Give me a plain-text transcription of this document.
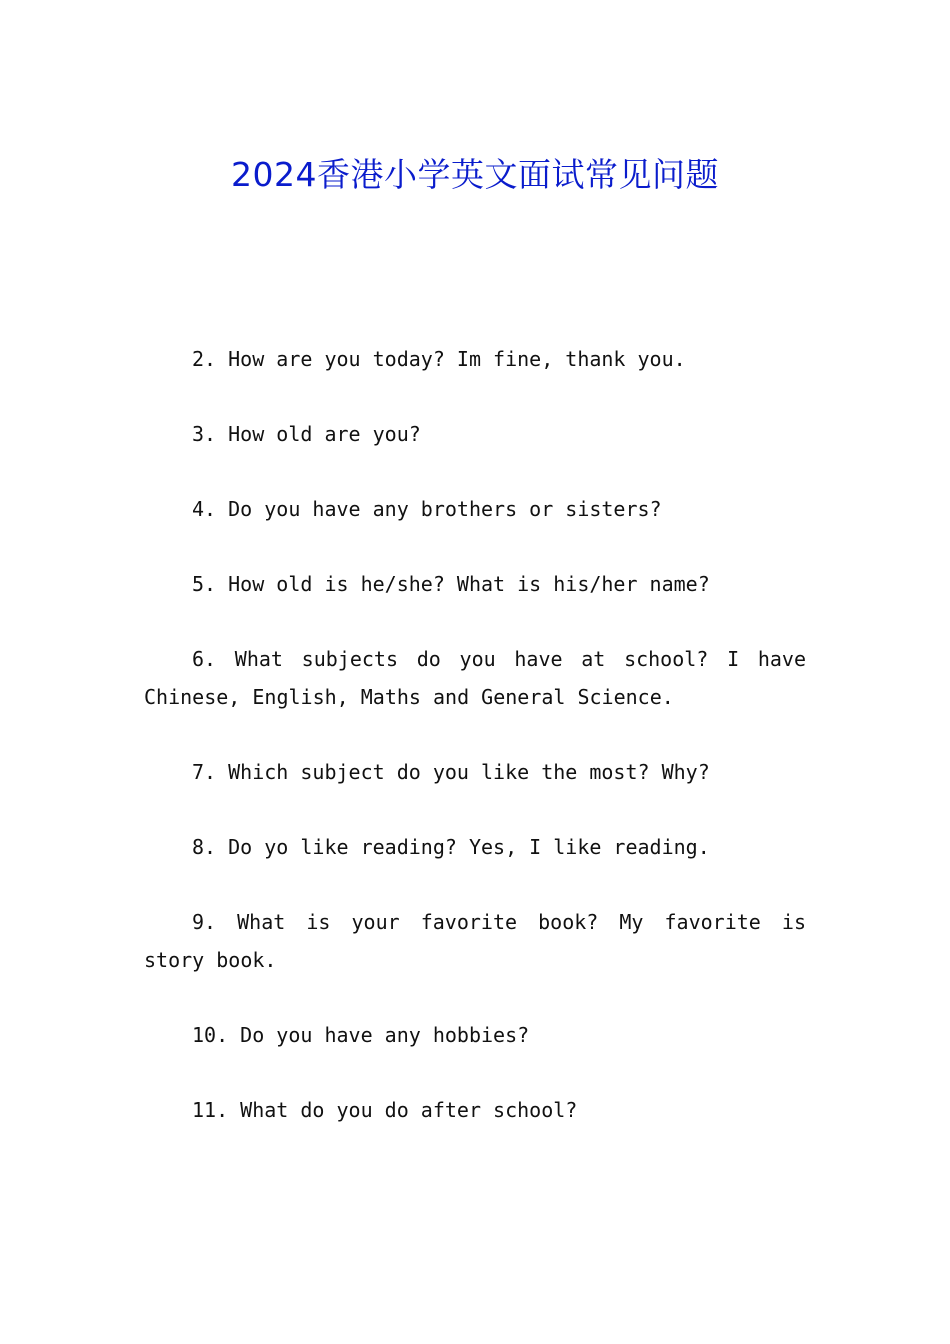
2024香港小学英文面试常见问题

2. How are you today? Im fine, thank you.

3. How old are you?

4. Do you have any brothers or sisters?

5. How old is he/she? What is his/her name?

6. What subjects do you have at school? I have Chinese, English, Maths and General Science.

7. Which subject do you like the most? Why?

8. Do yo like reading? Yes, I like reading.

9. What is your favorite book? My favorite is story book.

10. Do you have any hobbies?

11. What do you do after school?
